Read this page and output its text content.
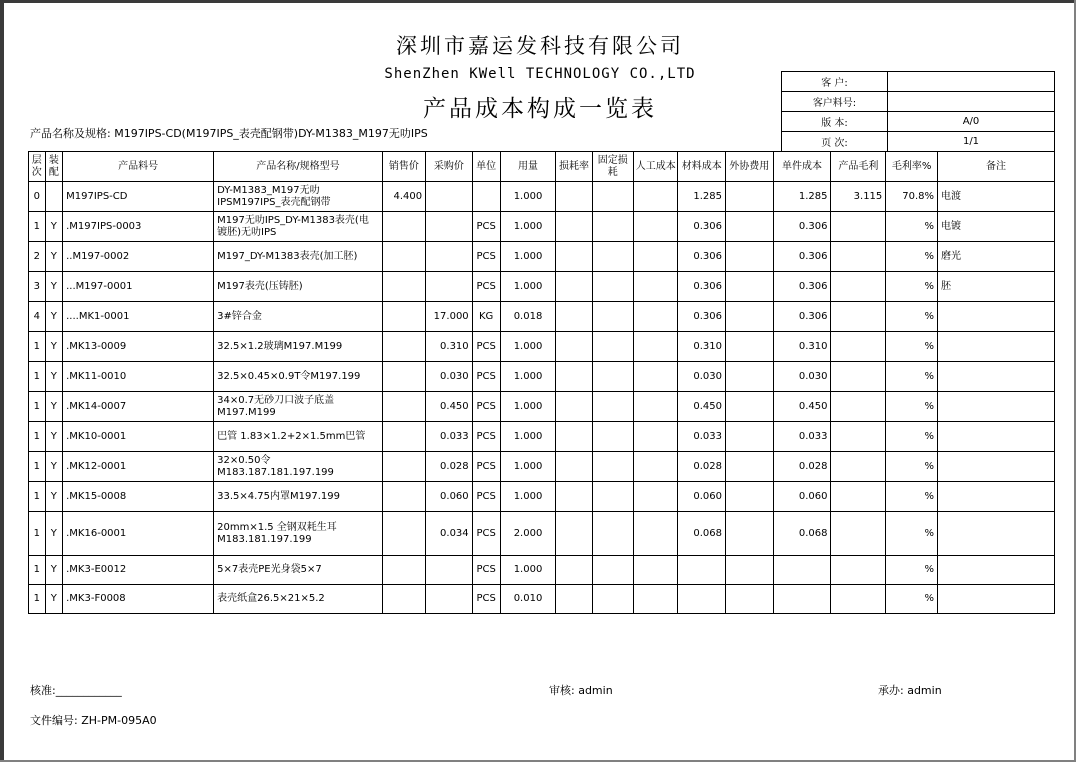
深圳市嘉运发科技有限公司
ShenZhen KWell TECHNOLOGY CO.,LTD
产品成本构成一览表
产品名称及规格: M197IPS-CD(M197IPS_表壳配钢带)DY-M1383_M197无叻IPS
客 户:	
客户料号:	
版 本:	A/0
页 次:	1/1
层次	装配	产品料号	产品名称/规格型号	销售价	采购价	单位	用量	损耗率	固定损耗	人工成本	材料成本	外协费用	单件成本	产品毛利	毛利率%	备注
0		M197IPS-CD	DY-M1383_M197无叻IPSM197IPS_表壳配钢带	4.400			1.000				1.285		1.285	3.115	70.8%	电渡
1	Y	.M197IPS-0003	M197无叻IPS_DY-M1383表壳(电镀胚)无叻IPS			PCS	1.000				0.306		0.306		%	电镀
2	Y	..M197-0002	M197_DY-M1383表壳(加工胚)			PCS	1.000				0.306		0.306		%	磨光
3	Y	...M197-0001	M197表壳(压铸胚)			PCS	1.000				0.306		0.306		%	胚
4	Y	....MK1-0001	3#锌合金		17.000	KG	0.018				0.306		0.306		%	
1	Y	.MK13-0009	32.5×1.2玻璃M197.M199		0.310	PCS	1.000				0.310		0.310		%	
1	Y	.MK11-0010	32.5×0.45×0.9T令M197.199		0.030	PCS	1.000				0.030		0.030		%	
1	Y	.MK14-0007	34×0.7无砂刀口波子底盖M197.M199		0.450	PCS	1.000				0.450		0.450		%	
1	Y	.MK10-0001	巴管 1.83×1.2+2×1.5mm巴管		0.033	PCS	1.000				0.033		0.033		%	
1	Y	.MK12-0001	32×0.50令M183.187.181.197.199		0.028	PCS	1.000				0.028		0.028		%	
1	Y	.MK15-0008	33.5×4.75内罩M197.199		0.060	PCS	1.000				0.060		0.060		%	
1	Y	.MK16-0001	20mm×1.5 全钢双耗生耳M183.181.197.199		0.034	PCS	2.000				0.068		0.068		%	
1	Y	.MK3-E0012	5×7表壳PE光身袋5×7			PCS	1.000								%	
1	Y	.MK3-F0008	表壳纸盒26.5×21×5.2			PCS	0.010								%	
核准:____________	审核: admin	承办: admin
文件编号: ZH-PM-095A0
